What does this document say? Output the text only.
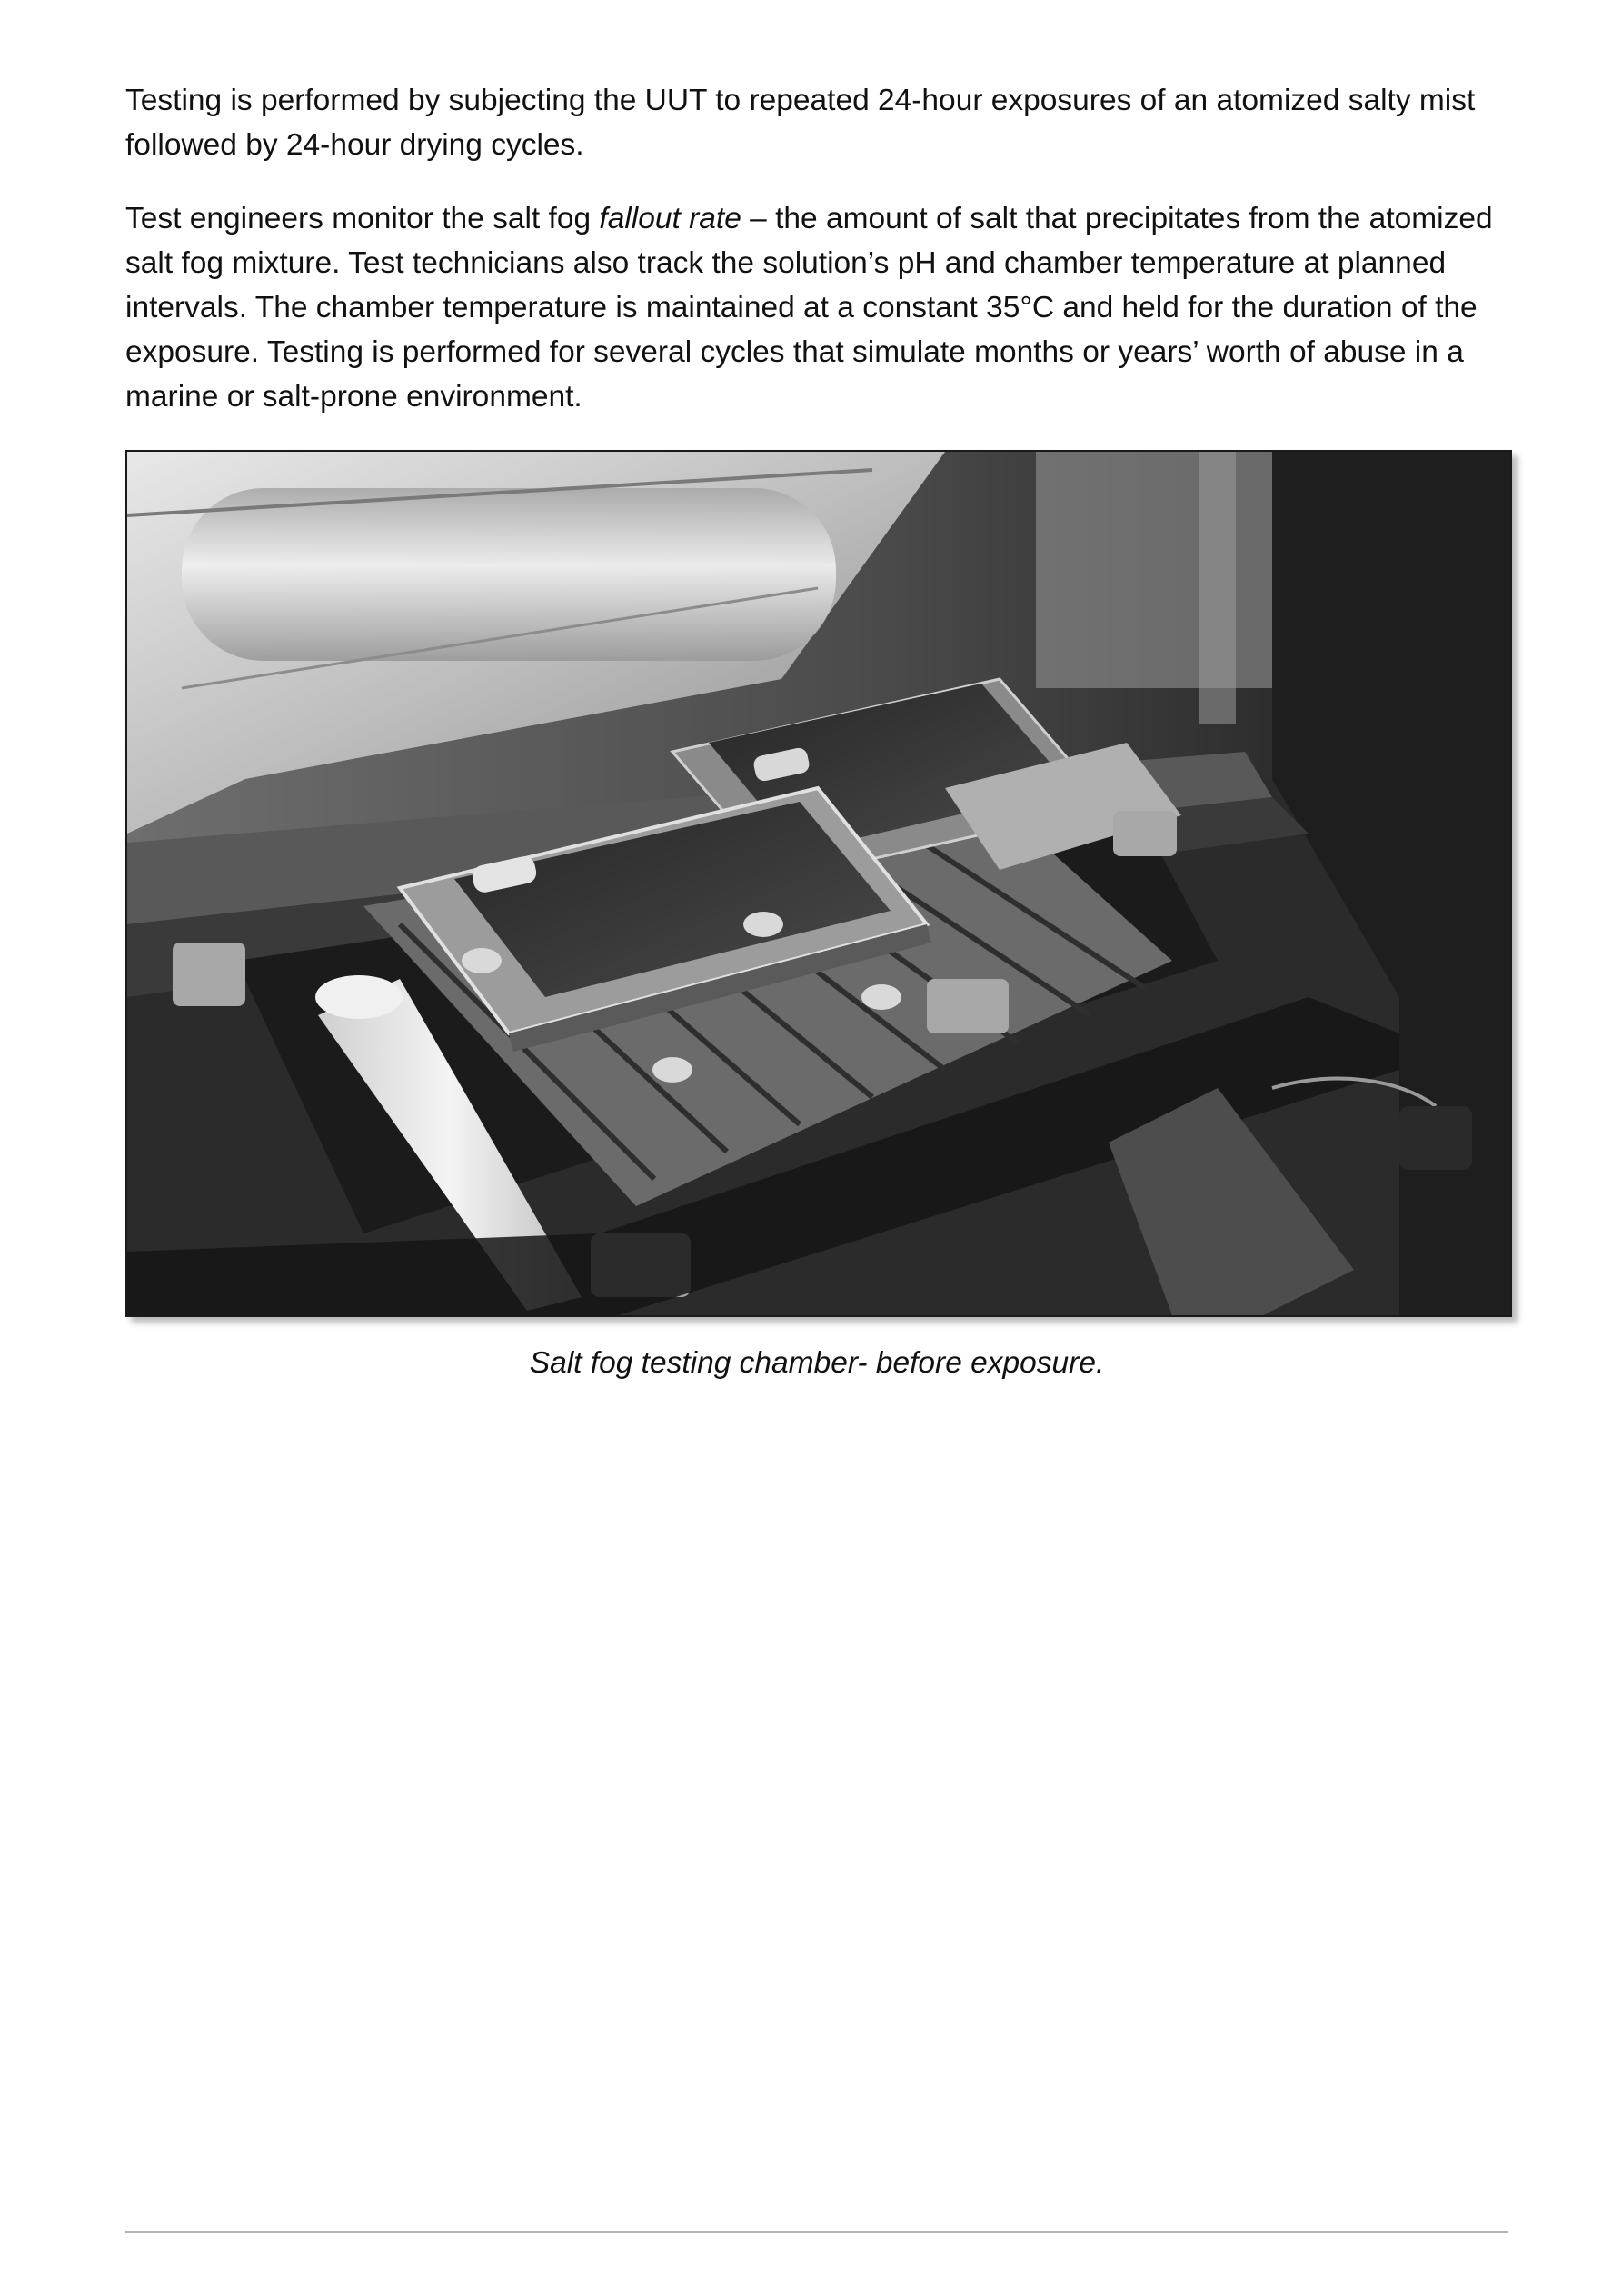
Testing is performed by subjecting the UUT to repeated 24-hour exposures of an atomized salty mist followed by 24-hour drying cycles.

Test engineers monitor the salt fog fallout rate – the amount of salt that precipitates from the atomized salt fog mixture. Test technicians also track the solution’s pH and chamber temperature at planned intervals. The chamber temperature is maintained at a constant 35°C and held for the duration of the exposure. Testing is performed for several cycles that simulate months or years’ worth of abuse in a marine or salt-prone environment.

Salt fog testing chamber- before exposure.
